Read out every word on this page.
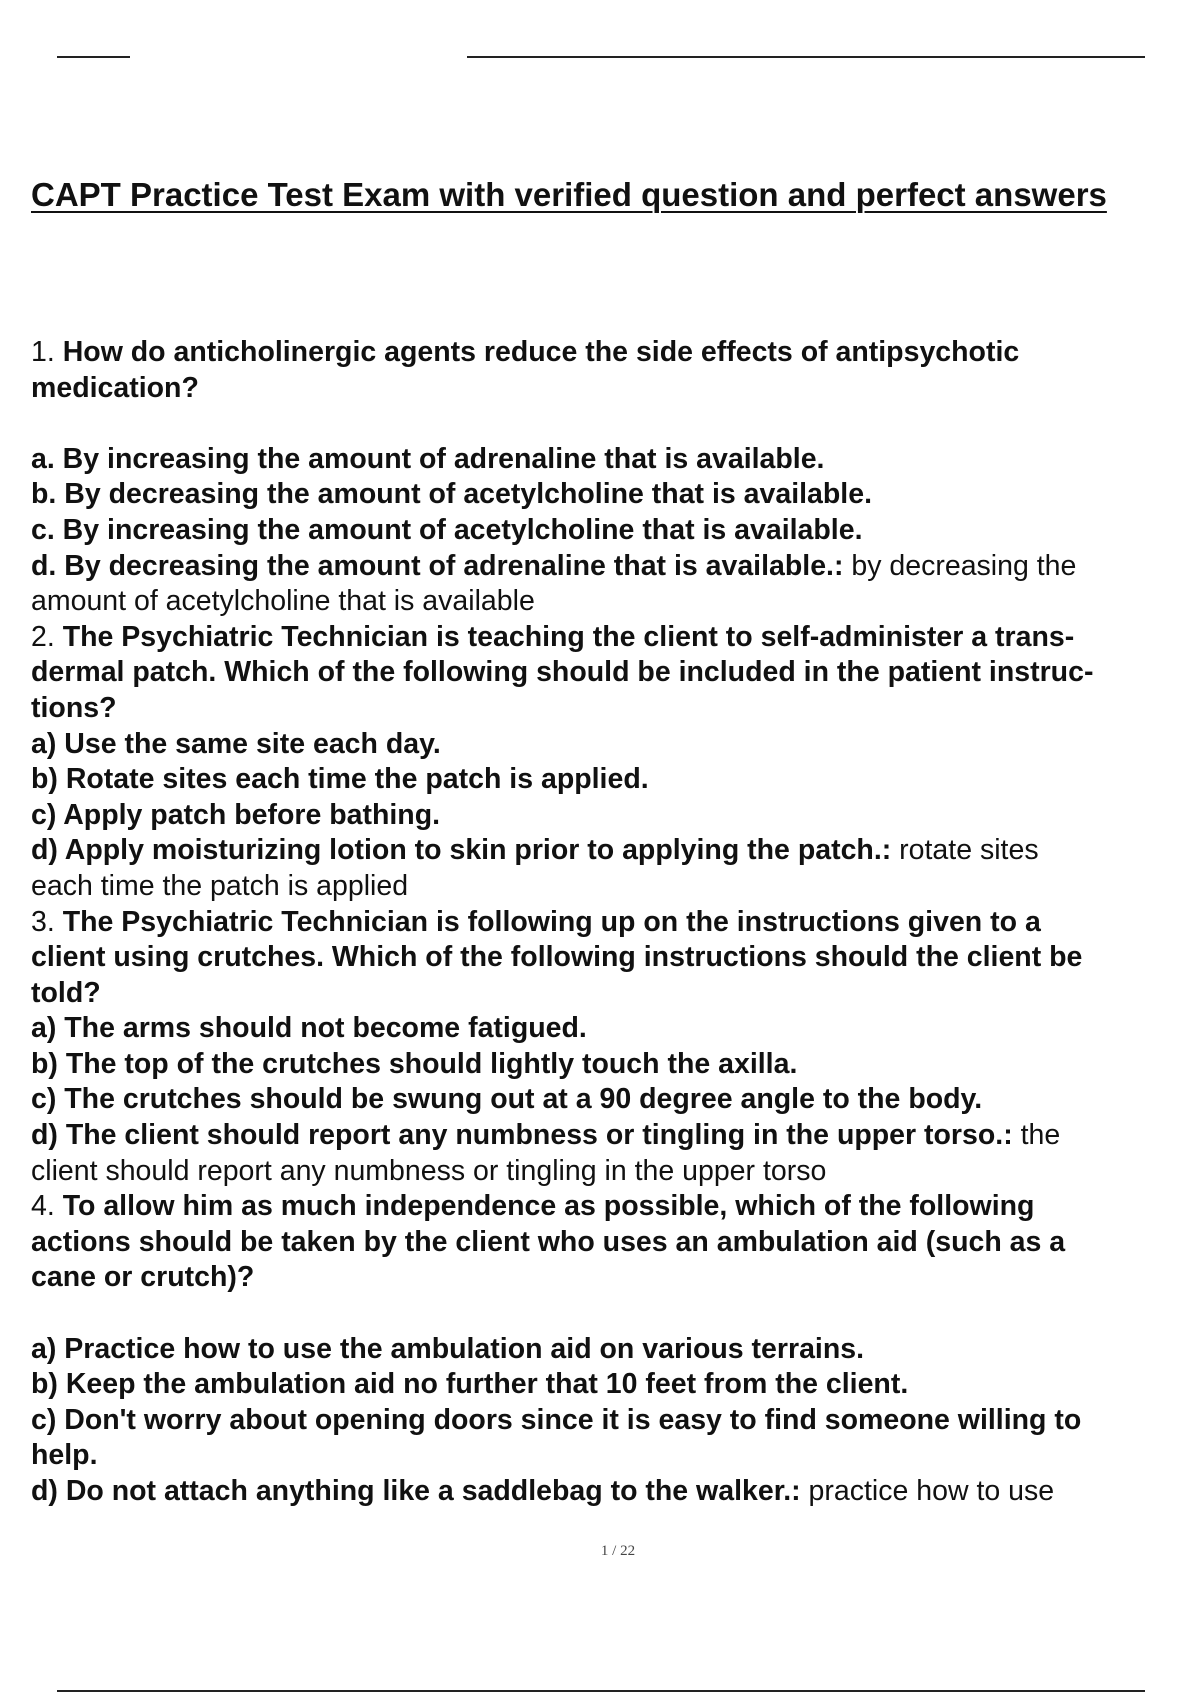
CAPT Practice Test Exam with verified question and perfect answers
1. How do anticholinergic agents reduce the side effects of antipsychotic
medication?
a. By increasing the amount of adrenaline that is available.
b. By decreasing the amount of acetylcholine that is available.
c. By increasing the amount of acetylcholine that is available.
d. By decreasing the amount of adrenaline that is available.: by decreasing the
amount of acetylcholine that is available
2. The Psychiatric Technician is teaching the client to self-administer a trans-
dermal patch. Which of the following should be included in the patient instruc-
tions?
a) Use the same site each day.
b) Rotate sites each time the patch is applied.
c) Apply patch before bathing.
d) Apply moisturizing lotion to skin prior to applying the patch.: rotate sites
each time the patch is applied
3. The Psychiatric Technician is following up on the instructions given to a
client using crutches. Which of the following instructions should the client be
told?
a) The arms should not become fatigued.
b) The top of the crutches should lightly touch the axilla.
c) The crutches should be swung out at a 90 degree angle to the body.
d) The client should report any numbness or tingling in the upper torso.: the
client should report any numbness or tingling in the upper torso
4. To allow him as much independence as possible, which of the following
actions should be taken by the client who uses an ambulation aid (such as a
cane or crutch)?
a) Practice how to use the ambulation aid on various terrains.
b) Keep the ambulation aid no further that 10 feet from the client.
c) Don't worry about opening doors since it is easy to find someone willing to
help.
d) Do not attach anything like a saddlebag to the walker.: practice how to use
1 / 22
